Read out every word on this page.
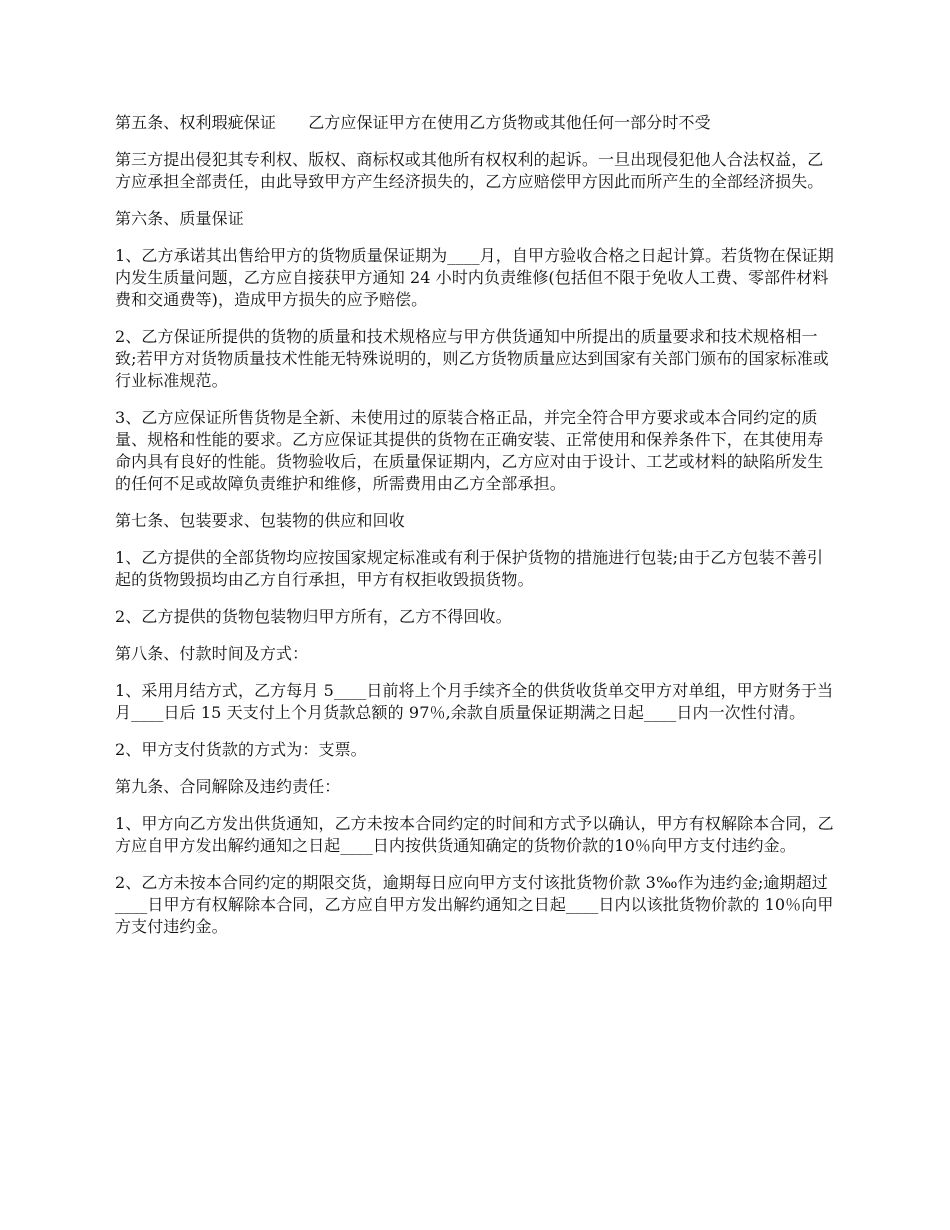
第五条、权利瑕疵保证　　乙方应保证甲方在使用乙方货物或其他任何一部分时不受

第三方提出侵犯其专利权、版权、商标权或其他所有权权利的起诉。一旦出现侵犯他人合法权益，乙方应承担全部责任，由此导致甲方产生经济损失的，乙方应赔偿甲方因此而所产生的全部经济损失。

第六条、质量保证

1、乙方承诺其出售给甲方的货物质量保证期为____月，自甲方验收合格之日起计算。若货物在保证期内发生质量问题，乙方应自接获甲方通知 24 小时内负责维修(包括但不限于免收人工费、零部件材料费和交通费等)，造成甲方损失的应予赔偿。

2、乙方保证所提供的货物的质量和技术规格应与甲方供货通知中所提出的质量要求和技术规格相一致;若甲方对货物质量技术性能无特殊说明的，则乙方货物质量应达到国家有关部门颁布的国家标准或行业标准规范。

3、乙方应保证所售货物是全新、未使用过的原装合格正品，并完全符合甲方要求或本合同约定的质量、规格和性能的要求。乙方应保证其提供的货物在正确安装、正常使用和保养条件下，在其使用寿命内具有良好的性能。货物验收后，在质量保证期内，乙方应对由于设计、工艺或材料的缺陷所发生的任何不足或故障负责维护和维修，所需费用由乙方全部承担。

第七条、包装要求、包装物的供应和回收

1、乙方提供的全部货物均应按国家规定标准或有利于保护货物的措施进行包装;由于乙方包装不善引起的货物毁损均由乙方自行承担，甲方有权拒收毁损货物。

2、乙方提供的货物包装物归甲方所有，乙方不得回收。

第八条、付款时间及方式：

1、采用月结方式，乙方每月 5____日前将上个月手续齐全的供货收货单交甲方对单组，甲方财务于当月____日后 15 天支付上个月货款总额的 97％,余款自质量保证期满之日起____日内一次性付清。

2、甲方支付货款的方式为：支票。

第九条、合同解除及违约责任：

1、甲方向乙方发出供货通知，乙方未按本合同约定的时间和方式予以确认，甲方有权解除本合同，乙方应自甲方发出解约通知之日起____日内按供货通知确定的货物价款的10％向甲方支付违约金。

2、乙方未按本合同约定的期限交货，逾期每日应向甲方支付该批货物价款 3‰作为违约金;逾期超过____日甲方有权解除本合同，乙方应自甲方发出解约通知之日起____日内以该批货物价款的 10％向甲方支付违约金。
